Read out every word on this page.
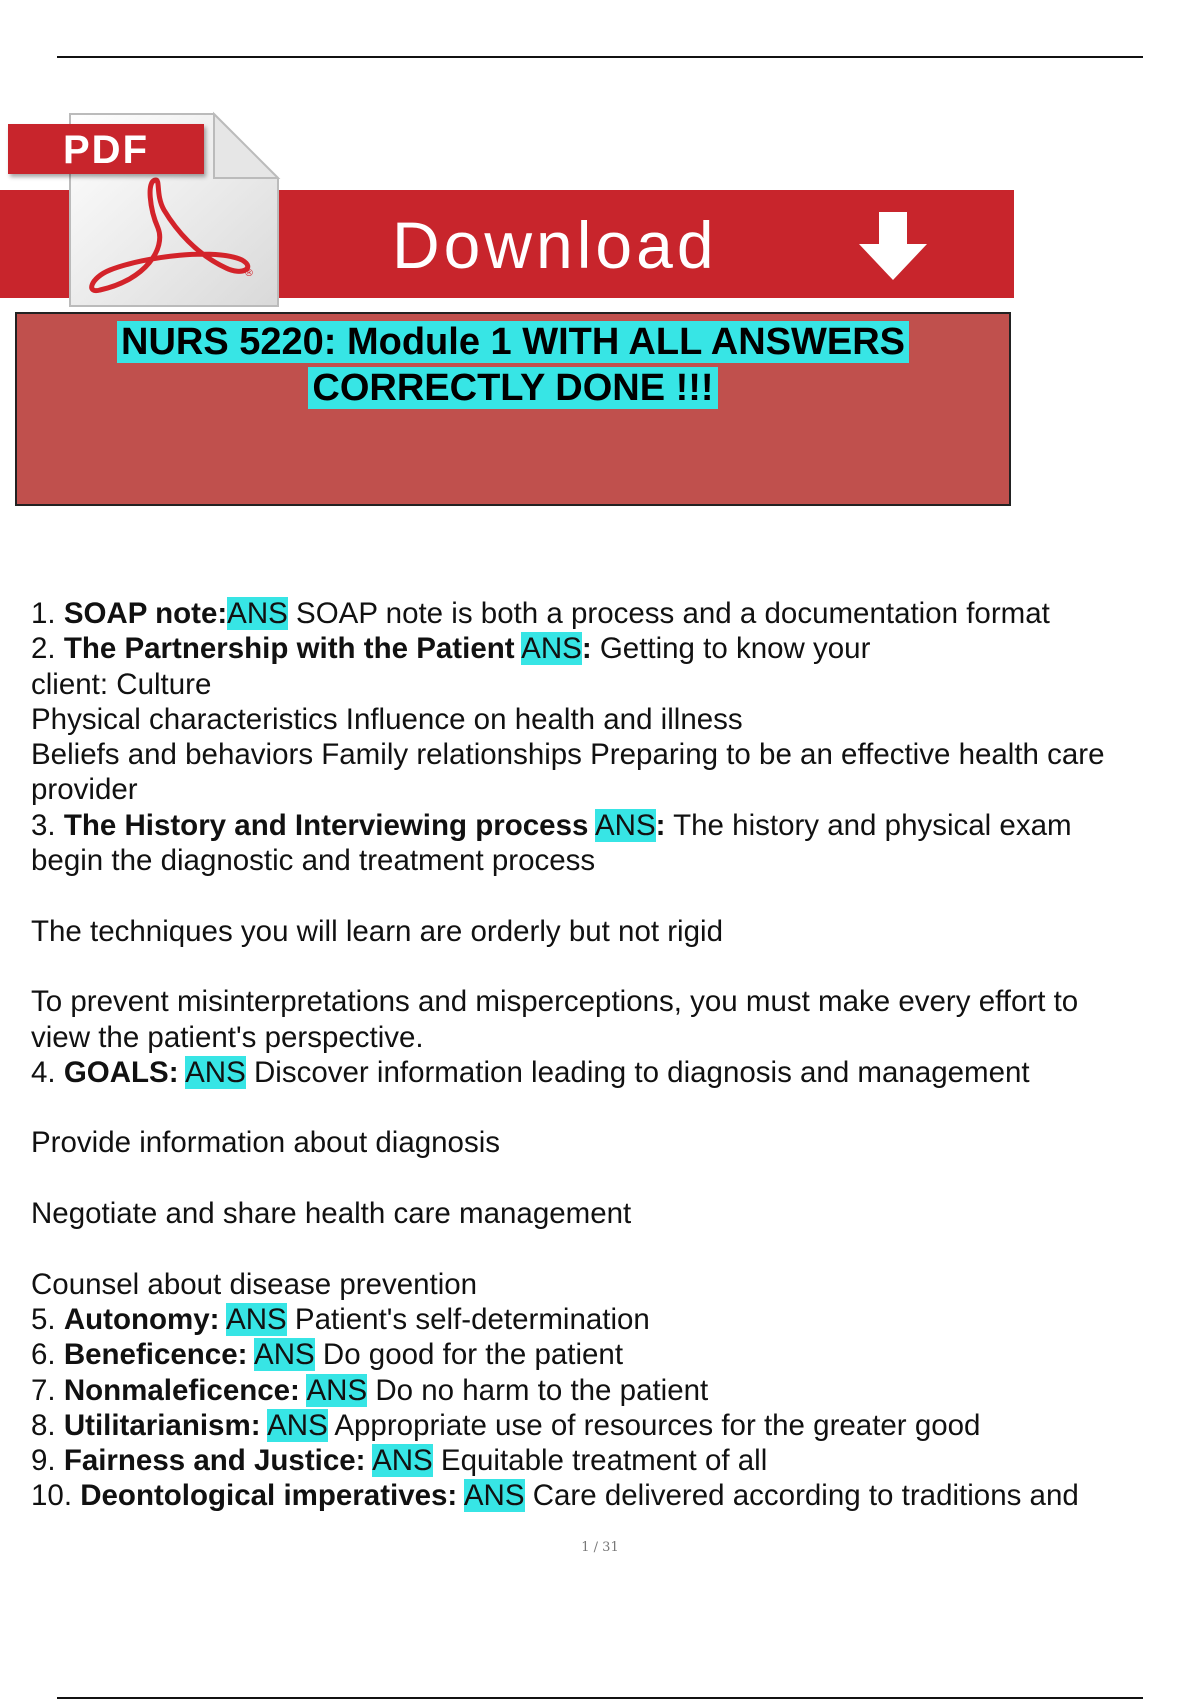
®
PDF
Download
NURS 5220: Module 1 WITH ALL ANSWERS
CORRECTLY DONE !!!

1. SOAP note:ANS SOAP note is both a process and a documentation format

2. The Partnership with the Patient ANS: Getting to know your

client: Culture

Physical characteristics Influence on health and illness

Beliefs and behaviors Family relationships Preparing to be an effective health care

provider

3. The History and Interviewing process ANS: The history and physical exam

begin the diagnostic and treatment process

The techniques you will learn are orderly but not rigid

To prevent misinterpretations and misperceptions, you must make every effort to

view the patient's perspective.

4. GOALS: ANS Discover information leading to diagnosis and management

Provide information about diagnosis

Negotiate and share health care management

Counsel about disease prevention

5. Autonomy: ANS Patient's self-determination

6. Beneficence: ANS Do good for the patient

7. Nonmaleficence: ANS Do no harm to the patient

8. Utilitarianism: ANS Appropriate use of resources for the greater good

9. Fairness and Justice: ANS Equitable treatment of all

10. Deontological imperatives: ANS Care delivered according to traditions and

1 / 31
